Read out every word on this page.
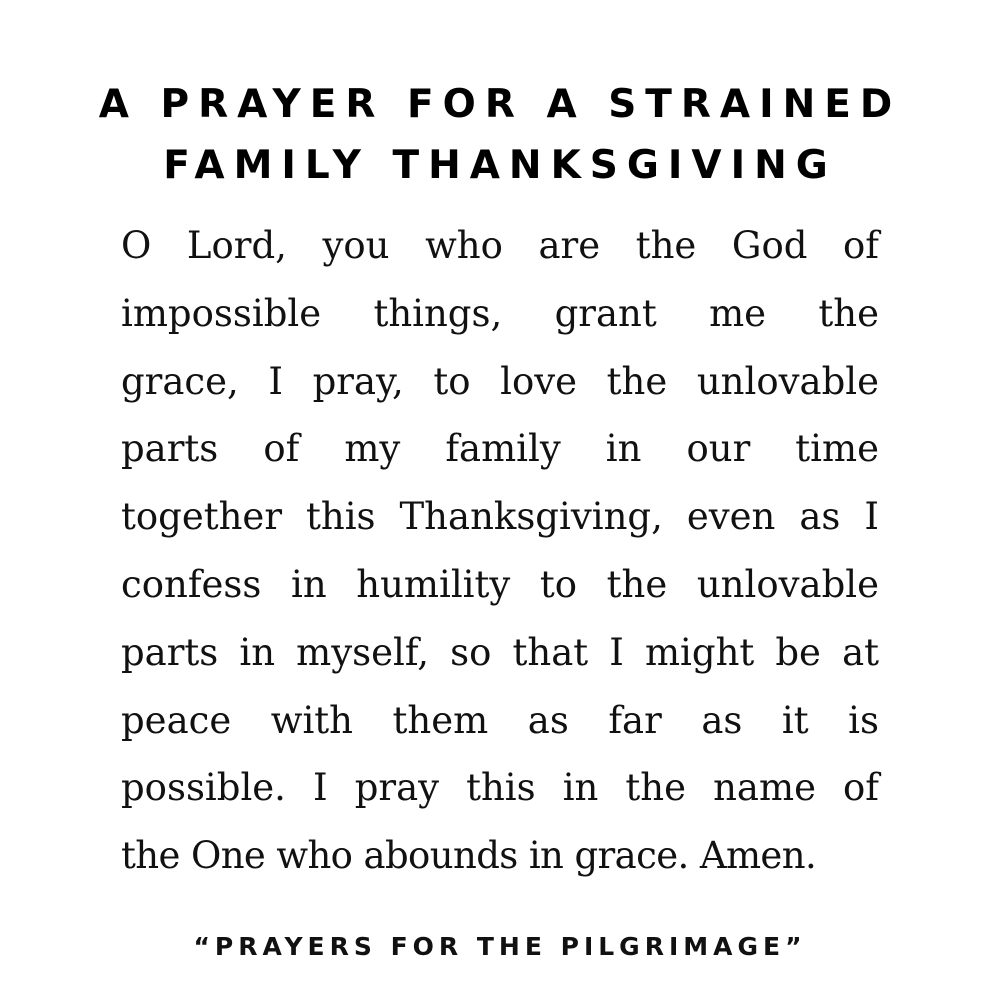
A PRAYER FOR A STRAINED
FAMILY THANKSGIVING
O Lord, you who are the God of
impossible things, grant me the
grace, I pray, to love the unlovable
parts of my family in our time
together this Thanksgiving, even as I
confess in humility to the unlovable
parts in myself, so that I might be at
peace with them as far as it is
possible. I pray this in the name of
the One who abounds in grace. Amen.
“PRAYERS FOR THE PILGRIMAGE”
